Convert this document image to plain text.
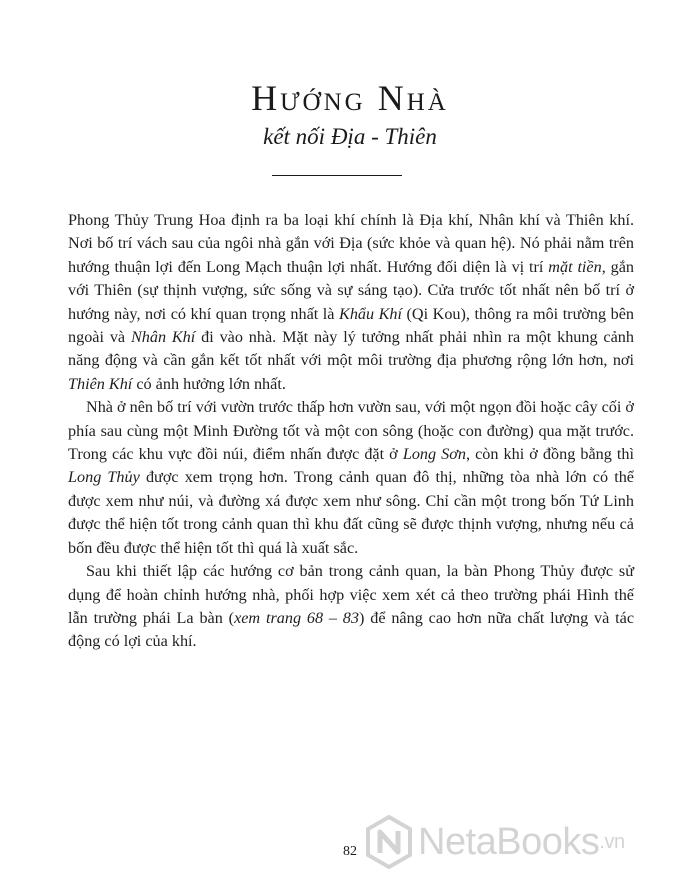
Hướng Nhà
kết nối Địa - Thiên

Phong Thủy Trung Hoa định ra ba loại khí chính là Địa khí, Nhân khí và Thiên khí. Nơi bố trí vách sau của ngôi nhà gắn với Địa (sức khỏe và quan hệ). Nó phải nằm trên hướng thuận lợi đến Long Mạch thuận lợi nhất. Hướng đối diện là vị trí mặt tiền, gắn với Thiên (sự thịnh vượng, sức sống và sự sáng tạo). Cửa trước tốt nhất nên bố trí ở hướng này, nơi có khí quan trọng nhất là Khẩu Khí (Qi Kou), thông ra môi trường bên ngoài và Nhân Khí đi vào nhà. Mặt này lý tưởng nhất phải nhìn ra một khung cảnh năng động và cần gắn kết tốt nhất với một môi trường địa phương rộng lớn hơn, nơi Thiên Khí có ảnh hưởng lớn nhất.

Nhà ở nên bố trí với vườn trước thấp hơn vườn sau, với một ngọn đồi hoặc cây cối ở phía sau cùng một Minh Đường tốt và một con sông (hoặc con đường) qua mặt trước. Trong các khu vực đồi núi, điểm nhấn được đặt ở Long Sơn, còn khi ở đồng bằng thì Long Thủy được xem trọng hơn. Trong cảnh quan đô thị, những tòa nhà lớn có thể được xem như núi, và đường xá được xem như sông. Chỉ cần một trong bốn Tứ Linh được thể hiện tốt trong cảnh quan thì khu đất cũng sẽ được thịnh vượng, nhưng nếu cả bốn đều được thể hiện tốt thì quá là xuất sắc.

Sau khi thiết lập các hướng cơ bản trong cảnh quan, la bàn Phong Thủy được sử dụng để hoàn chỉnh hướng nhà, phối hợp việc xem xét cả theo trường phái Hình thế lẫn trường phái La bàn (xem trang 68 – 83) để nâng cao hơn nữa chất lượng và tác động có lợi của khí.

82	NetaBooks .vn
